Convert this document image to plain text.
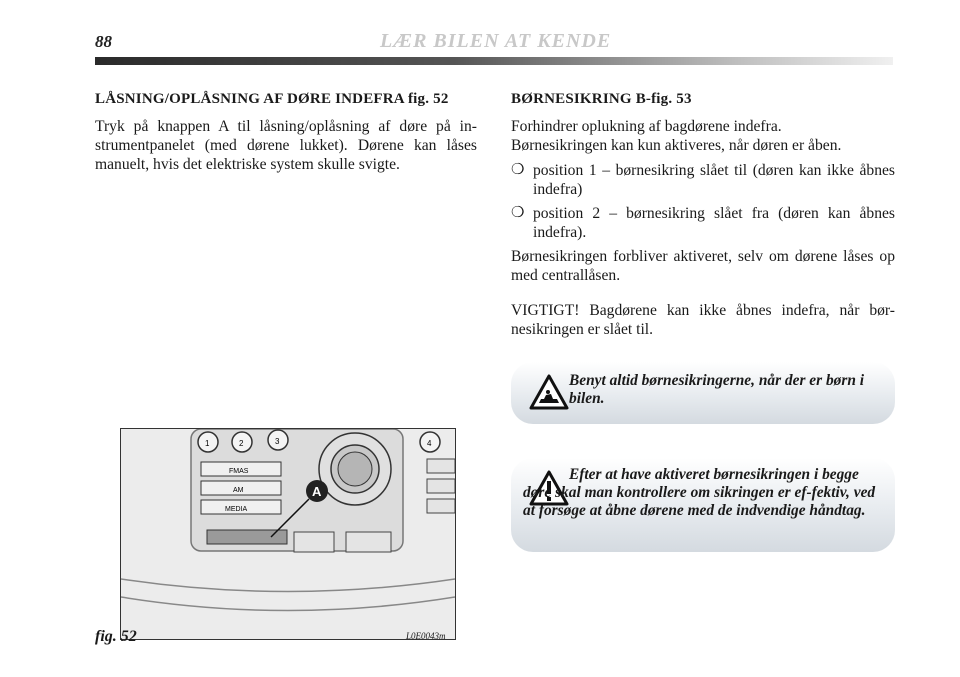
88	LÆR BILEN AT KENDE
LÅSNING/OPLÅSNING AF DØRE INDEFRA fig. 52

Tryk på knappen A til låsning/oplåsning af døre på in-strumentpanelet (med dørene lukket). Dørene kan låses manuelt, hvis det elektriske system skulle svigte.

BØRNESIKRING B-fig. 53
Forhindrer oplukning af bagdørene indefra.

Børnesikringen kan kun aktiveres, når døren er åben.

❍ position 1 – børnesikring slået til (døren kan ikke åbnes indefra)
❍ position 2 – børnesikring slået fra (døren kan åbnes indefra).

Børnesikringen forbliver aktiveret, selv om dørene låses op med centrallåsen.

VIGTIGT! Bagdørene kan ikke åbnes indefra, når bør-nesikringen er slået til.

Benyt altid børnesikringerne, når der er børn i bilen.
Efter at have aktiveret børnesikringen i begge døre skal man kontrollere om sikringen er ef-fektiv, ved at forsøge at åbne dørene med de indvendige håndtag.
A
1	2	3	4
FMAS
AM
MEDIA
fig. 52	L0E0043m
